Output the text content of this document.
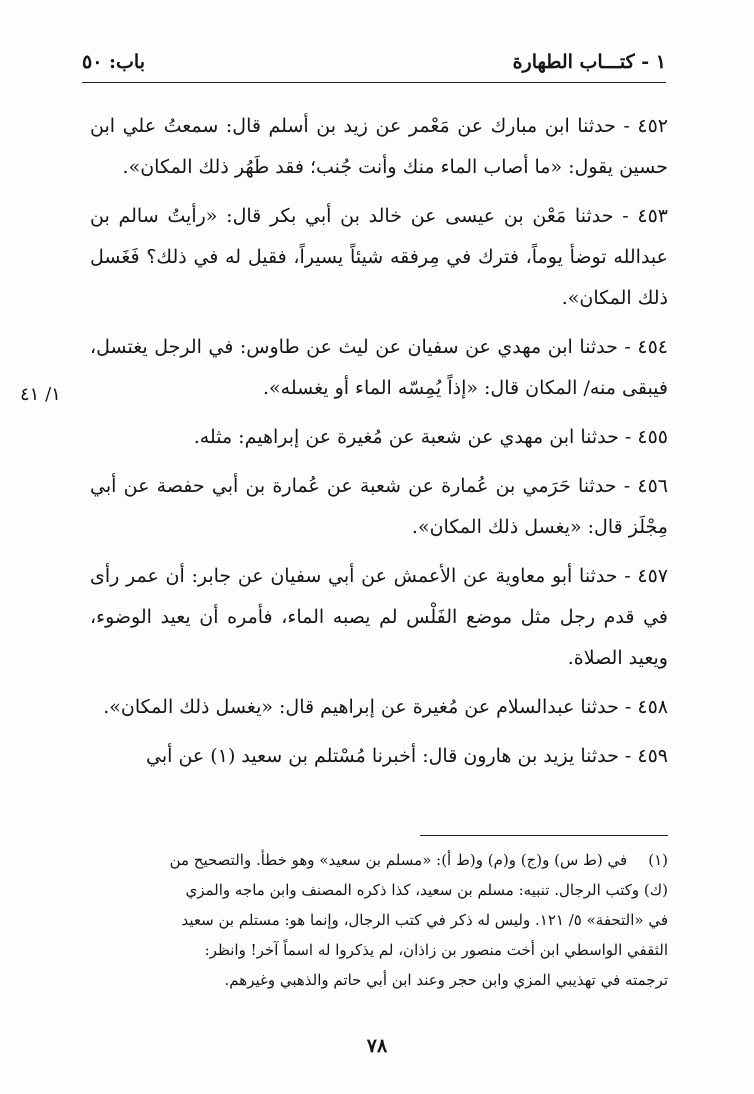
١ - كتـــاب الطهارة
باب: ٥٠

٤٥٢ - حدثنا ابن مبارك عن مَعْمر عن زيد بن أسلم قال: سمعتُ علي ابن حسين يقول: «ما أصاب الماء منك وأنت جُنب؛ فقد طَهُر ذلك المكان».

٤٥٣ - حدثنا مَعْن بن عيسى عن خالد بن أبي بكر قال: «رأيتُ سالم بن عبدالله توضأ يوماً، فترك في مِرفقه شيئاً يسيراً، فقيل له في ذلك؟ فَغَسل ذلك المكان».

٤٥٤ - حدثنا ابن مهدي عن سفيان عن ليث عن طاوس: في الرجل يغتسل، فيبقى منه/ المكان قال: «إذاً يُمِسّه الماء أو يغسله».

٤٥٥ - حدثنا ابن مهدي عن شعبة عن مُغيرة عن إبراهيم: مثله.

٤٥٦ - حدثنا حَرَمي بن عُمارة عن شعبة عن عُمارة بن أبي حفصة عن أبي مِجْلَز قال: «يغسل ذلك المكان».

٤٥٧ - حدثنا أبو معاوية عن الأعمش عن أبي سفيان عن جابر: أن عمر رأى في قدم رجل مثل موضع الفَلْس لم يصبه الماء، فأمره أن يعيد الوضوء، ويعيد الصلاة.

٤٥٨ - حدثنا عبدالسلام عن مُغيرة عن إبراهيم قال: «يغسل ذلك المكان».

٤٥٩ - حدثنا يزيد بن هارون قال: أخبرنا مُسْتلم بن سعيد (١) عن أبي

١/ ٤١
(١) في (ط س) و(ج) و(م) و(ط أ): «مسلم بن سعيد» وهو خطأ. والتصحيح من
(ك) وكتب الرجال. تنبيه: مسلم بن سعيد، كذا ذكره المصنف وابن ماجه والمزي
في «التحفة» ٥/ ١٢١. وليس له ذكر في كتب الرجال، وإنما هو: مستلم بن سعيد
الثقفي الواسطي ابن أخت منصور بن زاذان، لم يذكروا له اسماً آخر! وانظر:
ترجمته في تهذيبي المزي وابن حجر وعند ابن أبي حاتم والذهبي وغيرهم.
٧٨
